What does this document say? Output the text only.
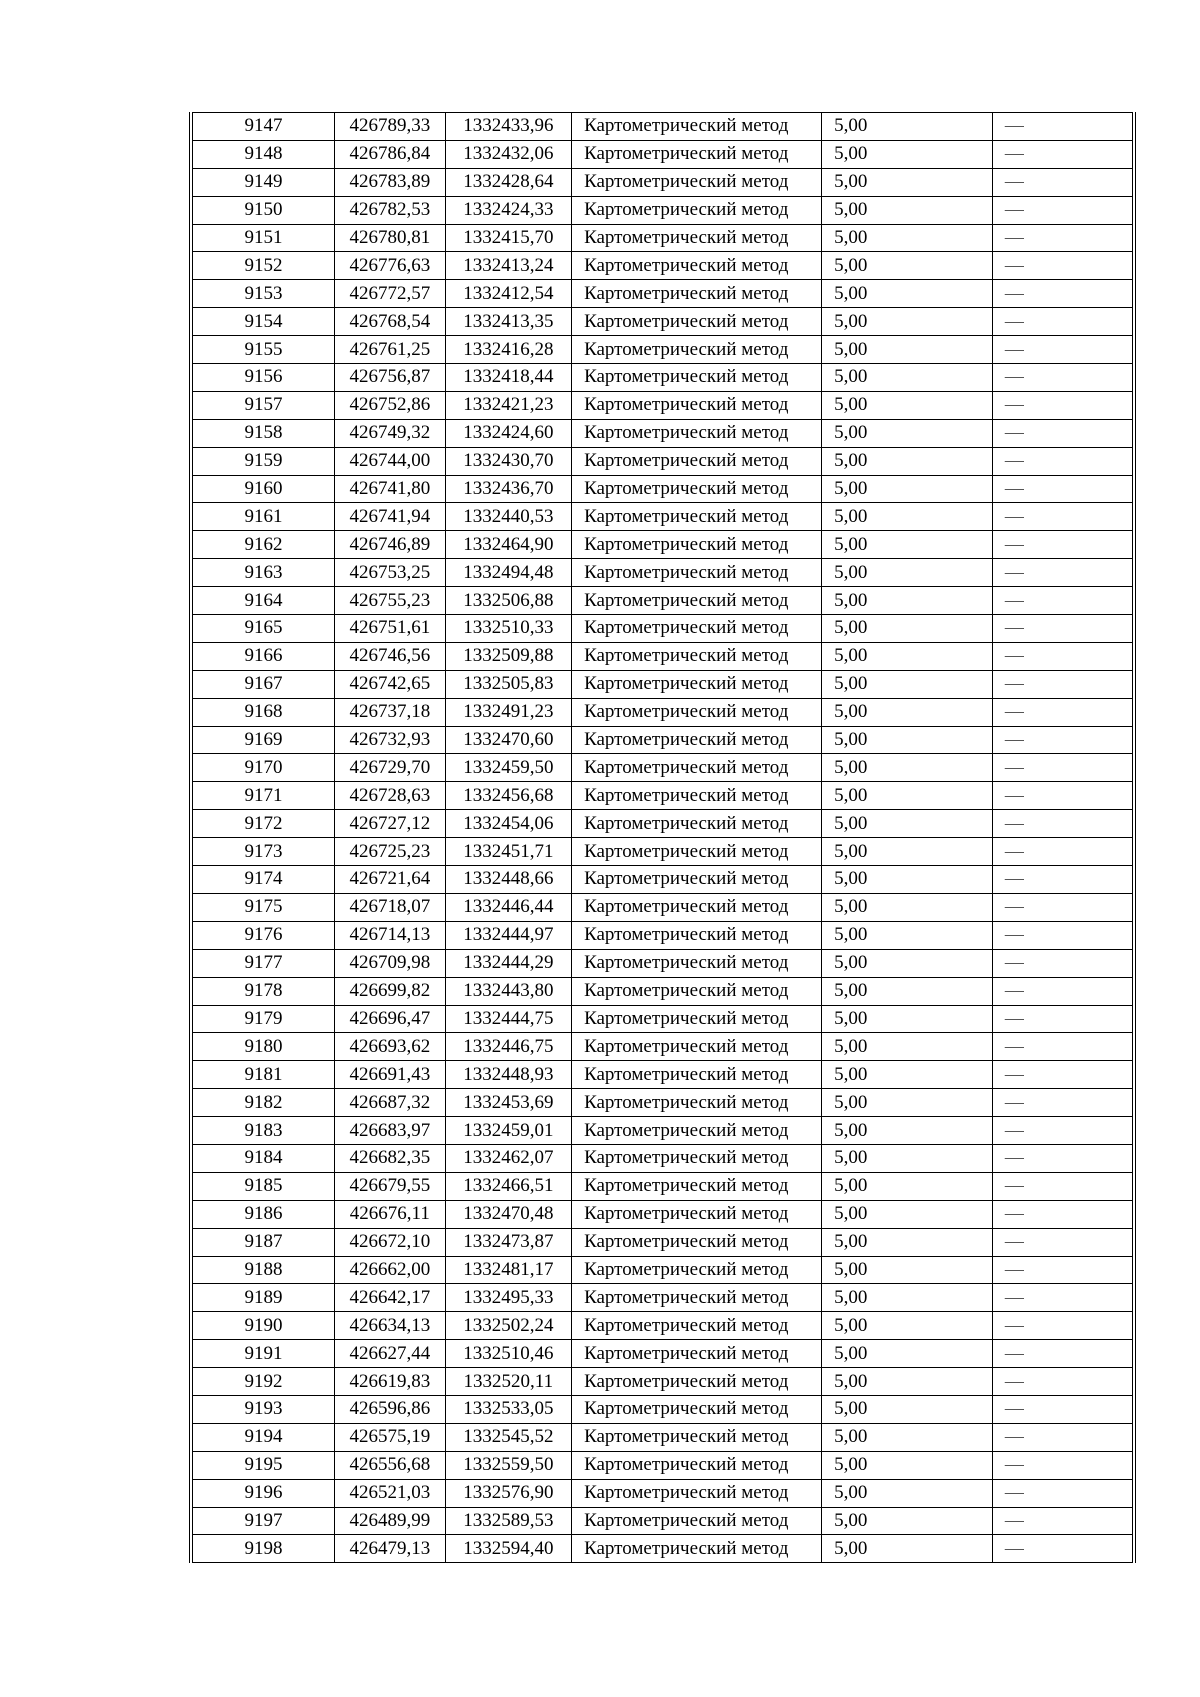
9147	426789,33	1332433,96	Картометрический метод	5,00	—
9148	426786,84	1332432,06	Картометрический метод	5,00	—
9149	426783,89	1332428,64	Картометрический метод	5,00	—
9150	426782,53	1332424,33	Картометрический метод	5,00	—
9151	426780,81	1332415,70	Картометрический метод	5,00	—
9152	426776,63	1332413,24	Картометрический метод	5,00	—
9153	426772,57	1332412,54	Картометрический метод	5,00	—
9154	426768,54	1332413,35	Картометрический метод	5,00	—
9155	426761,25	1332416,28	Картометрический метод	5,00	—
9156	426756,87	1332418,44	Картометрический метод	5,00	—
9157	426752,86	1332421,23	Картометрический метод	5,00	—
9158	426749,32	1332424,60	Картометрический метод	5,00	—
9159	426744,00	1332430,70	Картометрический метод	5,00	—
9160	426741,80	1332436,70	Картометрический метод	5,00	—
9161	426741,94	1332440,53	Картометрический метод	5,00	—
9162	426746,89	1332464,90	Картометрический метод	5,00	—
9163	426753,25	1332494,48	Картометрический метод	5,00	—
9164	426755,23	1332506,88	Картометрический метод	5,00	—
9165	426751,61	1332510,33	Картометрический метод	5,00	—
9166	426746,56	1332509,88	Картометрический метод	5,00	—
9167	426742,65	1332505,83	Картометрический метод	5,00	—
9168	426737,18	1332491,23	Картометрический метод	5,00	—
9169	426732,93	1332470,60	Картометрический метод	5,00	—
9170	426729,70	1332459,50	Картометрический метод	5,00	—
9171	426728,63	1332456,68	Картометрический метод	5,00	—
9172	426727,12	1332454,06	Картометрический метод	5,00	—
9173	426725,23	1332451,71	Картометрический метод	5,00	—
9174	426721,64	1332448,66	Картометрический метод	5,00	—
9175	426718,07	1332446,44	Картометрический метод	5,00	—
9176	426714,13	1332444,97	Картометрический метод	5,00	—
9177	426709,98	1332444,29	Картометрический метод	5,00	—
9178	426699,82	1332443,80	Картометрический метод	5,00	—
9179	426696,47	1332444,75	Картометрический метод	5,00	—
9180	426693,62	1332446,75	Картометрический метод	5,00	—
9181	426691,43	1332448,93	Картометрический метод	5,00	—
9182	426687,32	1332453,69	Картометрический метод	5,00	—
9183	426683,97	1332459,01	Картометрический метод	5,00	—
9184	426682,35	1332462,07	Картометрический метод	5,00	—
9185	426679,55	1332466,51	Картометрический метод	5,00	—
9186	426676,11	1332470,48	Картометрический метод	5,00	—
9187	426672,10	1332473,87	Картометрический метод	5,00	—
9188	426662,00	1332481,17	Картометрический метод	5,00	—
9189	426642,17	1332495,33	Картометрический метод	5,00	—
9190	426634,13	1332502,24	Картометрический метод	5,00	—
9191	426627,44	1332510,46	Картометрический метод	5,00	—
9192	426619,83	1332520,11	Картометрический метод	5,00	—
9193	426596,86	1332533,05	Картометрический метод	5,00	—
9194	426575,19	1332545,52	Картометрический метод	5,00	—
9195	426556,68	1332559,50	Картометрический метод	5,00	—
9196	426521,03	1332576,90	Картометрический метод	5,00	—
9197	426489,99	1332589,53	Картометрический метод	5,00	—
9198	426479,13	1332594,40	Картометрический метод	5,00	—
